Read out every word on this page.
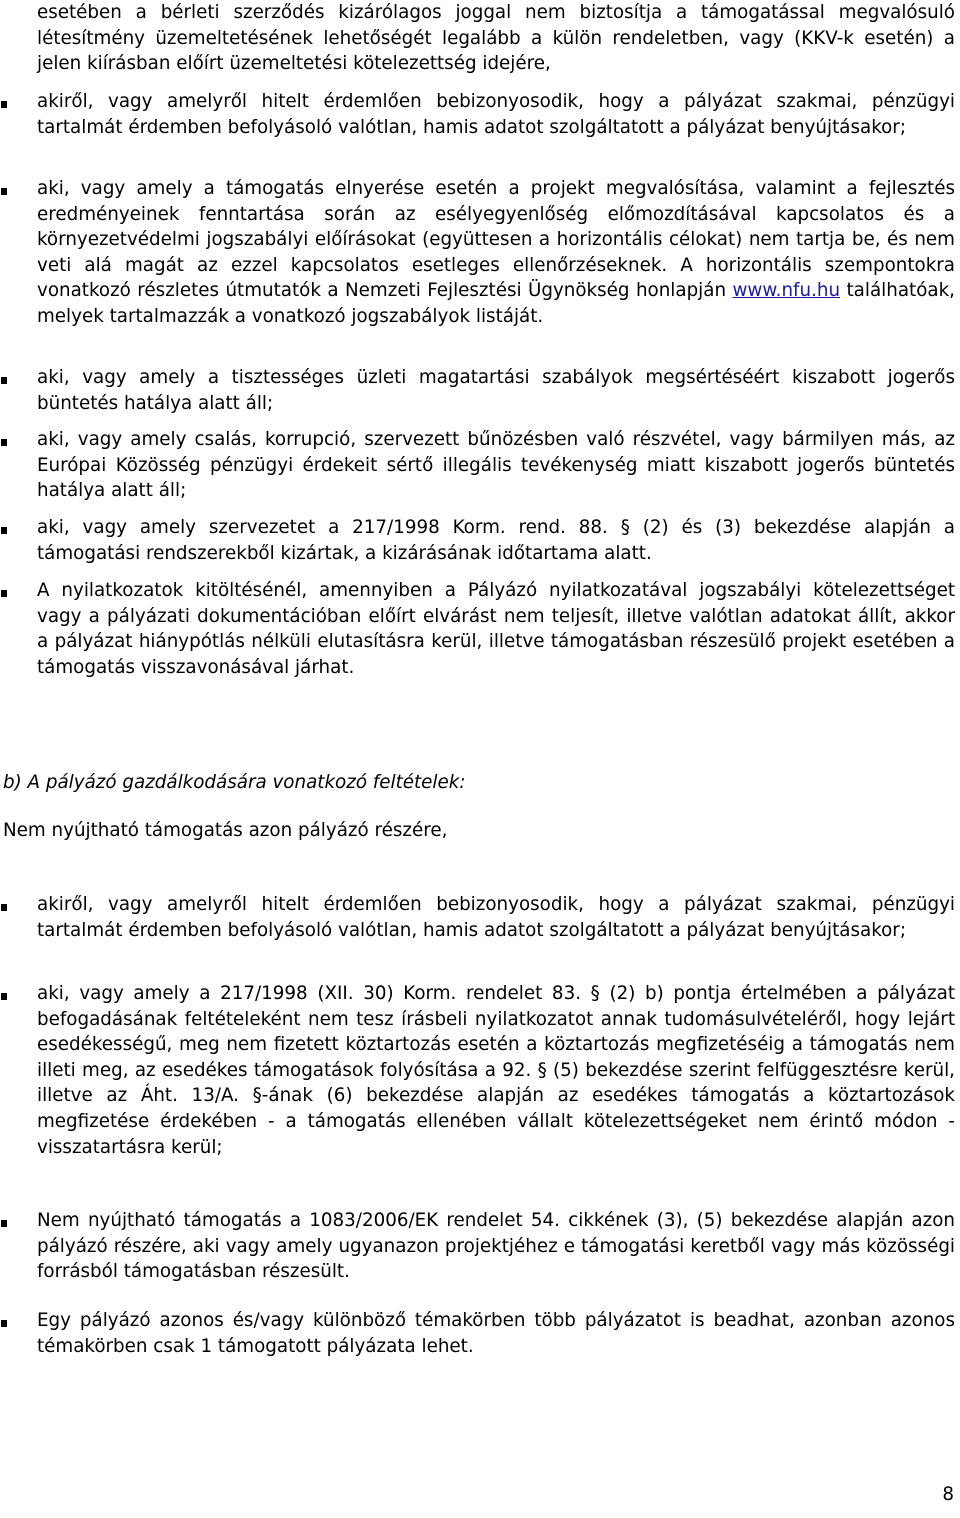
esetében a bérleti szerződés kizárólagos joggal nem biztosítja a támogatással megvalósuló létesítmény üzemeltetésének lehetőségét legalább a külön rendeletben, vagy (KKV-k esetén) a jelen kiírásban előírt üzemeltetési kötelezettség idejére,

akiről, vagy amelyről hitelt érdemlően bebizonyosodik, hogy a pályázat szakmai, pénzügyi tartalmát érdemben befolyásoló valótlan, hamis adatot szolgáltatott a pályázat benyújtásakor;

aki, vagy amely a támogatás elnyerése esetén a projekt megvalósítása, valamint a fejlesztés eredményeinek fenntartása során az esélyegyenlőség előmozdításával kapcsolatos és a környezetvédelmi jogszabályi előírásokat (együttesen a horizontális célokat) nem tartja be, és nem veti alá magát az ezzel kapcsolatos esetleges ellenőrzéseknek. A horizontális szempontokra vonatkozó részletes útmutatók a Nemzeti Fejlesztési Ügynökség honlapján www.nfu.hu találhatóak, melyek tartalmazzák a vonatkozó jogszabályok listáját.

aki, vagy amely a tisztességes üzleti magatartási szabályok megsértéséért kiszabott jogerős büntetés hatálya alatt áll;

aki, vagy amely csalás, korrupció, szervezett bűnözésben való részvétel, vagy bármilyen más, az Európai Közösség pénzügyi érdekeit sértő illegális tevékenység miatt kiszabott jogerős büntetés hatálya alatt áll;

aki, vagy amely szervezetet a 217/1998 Korm. rend. 88. § (2) és (3) bekezdése alapján a támogatási rendszerekből kizártak, a kizárásának időtartama alatt.

A nyilatkozatok kitöltésénél, amennyiben a Pályázó nyilatkozatával jogszabályi kötelezettséget vagy a pályázati dokumentációban előírt elvárást nem teljesít, illetve valótlan adatokat állít, akkor a pályázat hiánypótlás nélküli elutasításra kerül, illetve támogatásban részesülő projekt esetében a támogatás visszavonásával járhat.

b) A pályázó gazdálkodására vonatkozó feltételek:
Nem nyújtható támogatás azon pályázó részére,

akiről, vagy amelyről hitelt érdemlően bebizonyosodik, hogy a pályázat szakmai, pénzügyi tartalmát érdemben befolyásoló valótlan, hamis adatot szolgáltatott a pályázat benyújtásakor;

aki, vagy amely a 217/1998 (XII. 30) Korm. rendelet 83. § (2) b) pontja értelmében a pályázat befogadásának feltételeként nem tesz írásbeli nyilatkozatot annak tudomásulvételéről, hogy lejárt esedékességű, meg nem fizetett köztartozás esetén a köztartozás megfizetéséig a támogatás nem illeti meg, az esedékes támogatások folyósítása a 92. § (5) bekezdése szerint felfüggesztésre kerül, illetve az Áht. 13/A. §-ának (6) bekezdése alapján az esedékes támogatás a köztartozások megfizetése érdekében - a támogatás ellenében vállalt kötelezettségeket nem érintő módon - visszatartásra kerül;

Nem nyújtható támogatás a 1083/2006/EK rendelet 54. cikkének (3), (5) bekezdése alapján azon pályázó részére, aki vagy amely ugyanazon projektjéhez e támogatási keretből vagy más közösségi forrásból támogatásban részesült.

Egy pályázó azonos és/vagy különböző témakörben több pályázatot is beadhat, azonban azonos témakörben csak 1 támogatott pályázata lehet.

8
